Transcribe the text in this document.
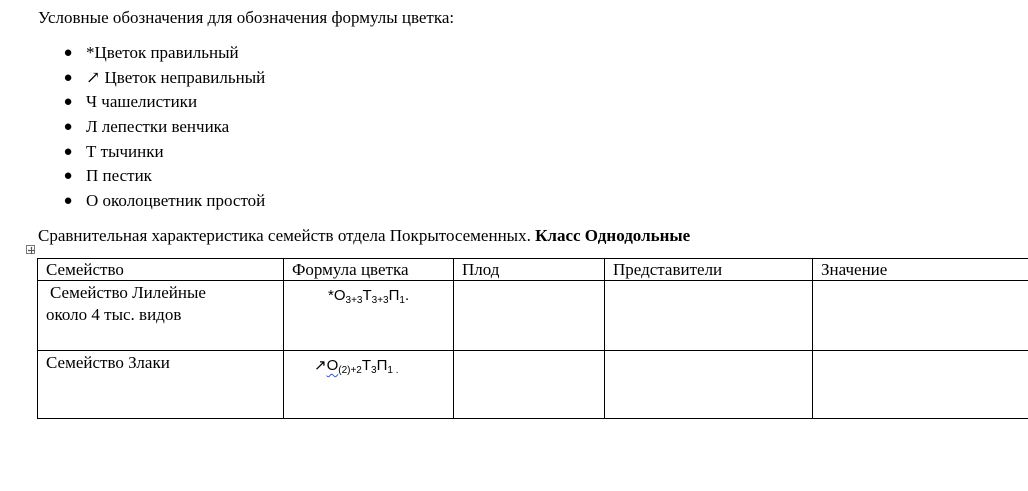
Условные обозначения для обозначения формулы цветка:

● *Цветок правильный
● ↗ Цветок неправильный
● Ч чашелистики
● Л лепестки венчика
● Т тычинки
● П пестик
● О околоцветник простой

Сравнительная характеристика семейств отдела Покрытосеменных. Класс Однодольные

Семейство	Формула цветка	Плод	Представители	Значение

Семейство Лилейные
около 4 тыс. видов	$*О_{3+3}Т_{3+3}П_1$.			

Семейство Злаки	$↗О_{(2)+2}Т_3П_{1 .}$			
